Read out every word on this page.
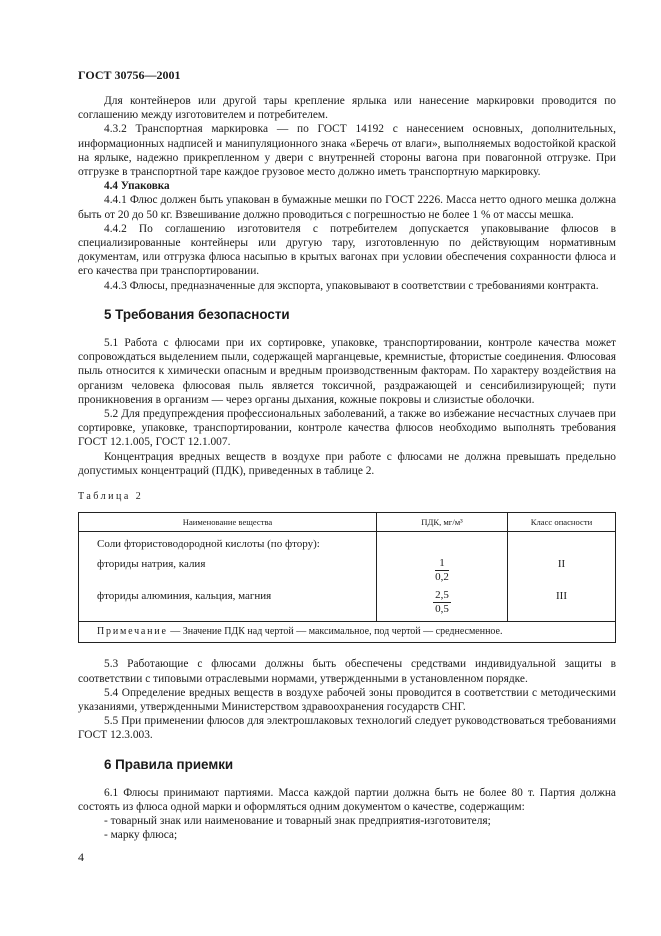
ГОСТ 30756—2001

Для контейнеров или другой тары крепление ярлыка или нанесение маркировки проводится по соглашению между изготовителем и потребителем.

4.3.2 Транспортная маркировка — по ГОСТ 14192 с нанесением основных, дополнительных, информационных надписей и манипуляционного знака «Беречь от влаги», выполняемых водостойкой краской на ярлыке, надежно прикрепленном у двери с внутренней стороны вагона при повагонной отгрузке. При отгрузке в транспортной таре каждое грузовое место должно иметь транспортную маркировку.

4.4 Упаковка

4.4.1 Флюс должен быть упакован в бумажные мешки по ГОСТ 2226. Масса нетто одного мешка должна быть от 20 до 50 кг. Взвешивание должно проводиться с погрешностью не более 1 % от массы мешка.

4.4.2 По соглашению изготовителя с потребителем допускается упаковывание флюсов в специализированные контейнеры или другую тару, изготовленную по действующим нормативным документам, или отгрузка флюса насыпью в крытых вагонах при условии обеспечения сохранности флюса и его качества при транспортировании.

4.4.3 Флюсы, предназначенные для экспорта, упаковывают в соответствии с требованиями контракта.

5 Требования безопасности

5.1 Работа с флюсами при их сортировке, упаковке, транспортировании, контроле качества может сопровождаться выделением пыли, содержащей марганцевые, кремнистые, фтористые соединения. Флюсовая пыль относится к химически опасным и вредным производственным факторам. По характеру воздействия на организм человека флюсовая пыль является токсичной, раздражающей и сенсибилизирующей; пути проникновения в организм — через органы дыхания, кожные покровы и слизистые оболочки.

5.2 Для предупреждения профессиональных заболеваний, а также во избежание несчастных случаев при сортировке, упаковке, транспортировании, контроле качества флюсов необходимо выполнять требования ГОСТ 12.1.005, ГОСТ 12.1.007.

Концентрация вредных веществ в воздухе при работе с флюсами не должна превышать предельно допустимых концентраций (ПДК), приведенных в таблице 2.

Таблица 2
Наименование вещества	ПДК, мг/м³	Класс опасности
Соли фтористоводородной кислоты (по фтору):		
фториды натрия, калия	$\frac{1}{0,2}$	II
фториды алюминия, кальция, магния	$\frac{2,5}{0,5}$	III
Примечание — Значение ПДК над чертой — максимальное, под чертой — среднесменное.		

5.3 Работающие с флюсами должны быть обеспечены средствами индивидуальной защиты в соответствии с типовыми отраслевыми нормами, утвержденными в установленном порядке.

5.4 Определение вредных веществ в воздухе рабочей зоны проводится в соответствии с методическими указаниями, утвержденными Министерством здравоохранения государств СНГ.

5.5 При применении флюсов для электрошлаковых технологий следует руководствоваться требованиями ГОСТ 12.3.003.

6 Правила приемки

6.1 Флюсы принимают партиями. Масса каждой партии должна быть не более 80 т. Партия должна состоять из флюса одной марки и оформляться одним документом о качестве, содержащим:

- товарный знак или наименование и товарный знак предприятия-изготовителя;

- марку флюса;

4
